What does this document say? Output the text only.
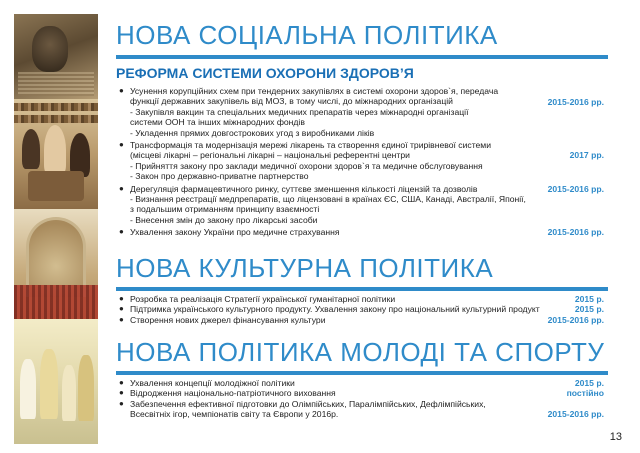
НОВА СОЦІАЛЬНА ПОЛІТИКА
РЕФОРМА СИСТЕМИ ОХОРОНИ ЗДОРОВ’Я
● Усунення корупційних схем при тендерних закупівлях в системі охорони здоров`я, передача
функції державних закупівель від МОЗ, в тому числі, до міжнародних організацій
- Закупівля вакцин та спеціальних медичних препаратів через міжнародні організації
системи ООН та інших міжнародних фондів
- Укладення прямих довгострокових угод з виробниками ліків
2015-2016 рр.
● Трансформація та модернізація мережі лікарень та створення єдиної трирівневої системи
(місцеві лікарні – регіональні лікарні – національні референтні центри
- Прийняття закону про заклади медичної охорони здоров`я та медичне обслуговування
- Закон про державно-приватне партнерство
2017 рр.
● Дерегуляція фармацевтичного ринку, суттєве зменшення кількості ліцензій та дозволів
- Визнання реєстрації медпрепаратів, що ліцензовані в країнах ЄС, США, Канаді, Австралії, Японії,
з подальшим отриманням принципу взаємності
- Внесення змін до закону про лікарські засоби
2015-2016 рр.
● Ухвалення закону України про медичне страхування	2015-2016 рр.
НОВА КУЛЬТУРНА ПОЛІТИКА
● Розробка та реалізація Стратегії української гуманітарної політики	2015 р.
● Підтримка українського культурного продукту. Ухвалення закону про національний культурний продукт	2015 р.
● Створення нових джерел фінансування культури	2015-2016 рр.
НОВА ПОЛІТИКА МОЛОДІ ТА СПОРТУ
● Ухвалення концепції молодіжної політики	2015 р.
● Відродження національно-патріотичного виховання	постійно
● Забезпечення ефективної підготовки до Олімпійських, Паралімпійських, Дефлімпійських,
Всесвітніх ігор, чемпіонатів світу та Європи у 2016р.	2015-2016 рр.
13
